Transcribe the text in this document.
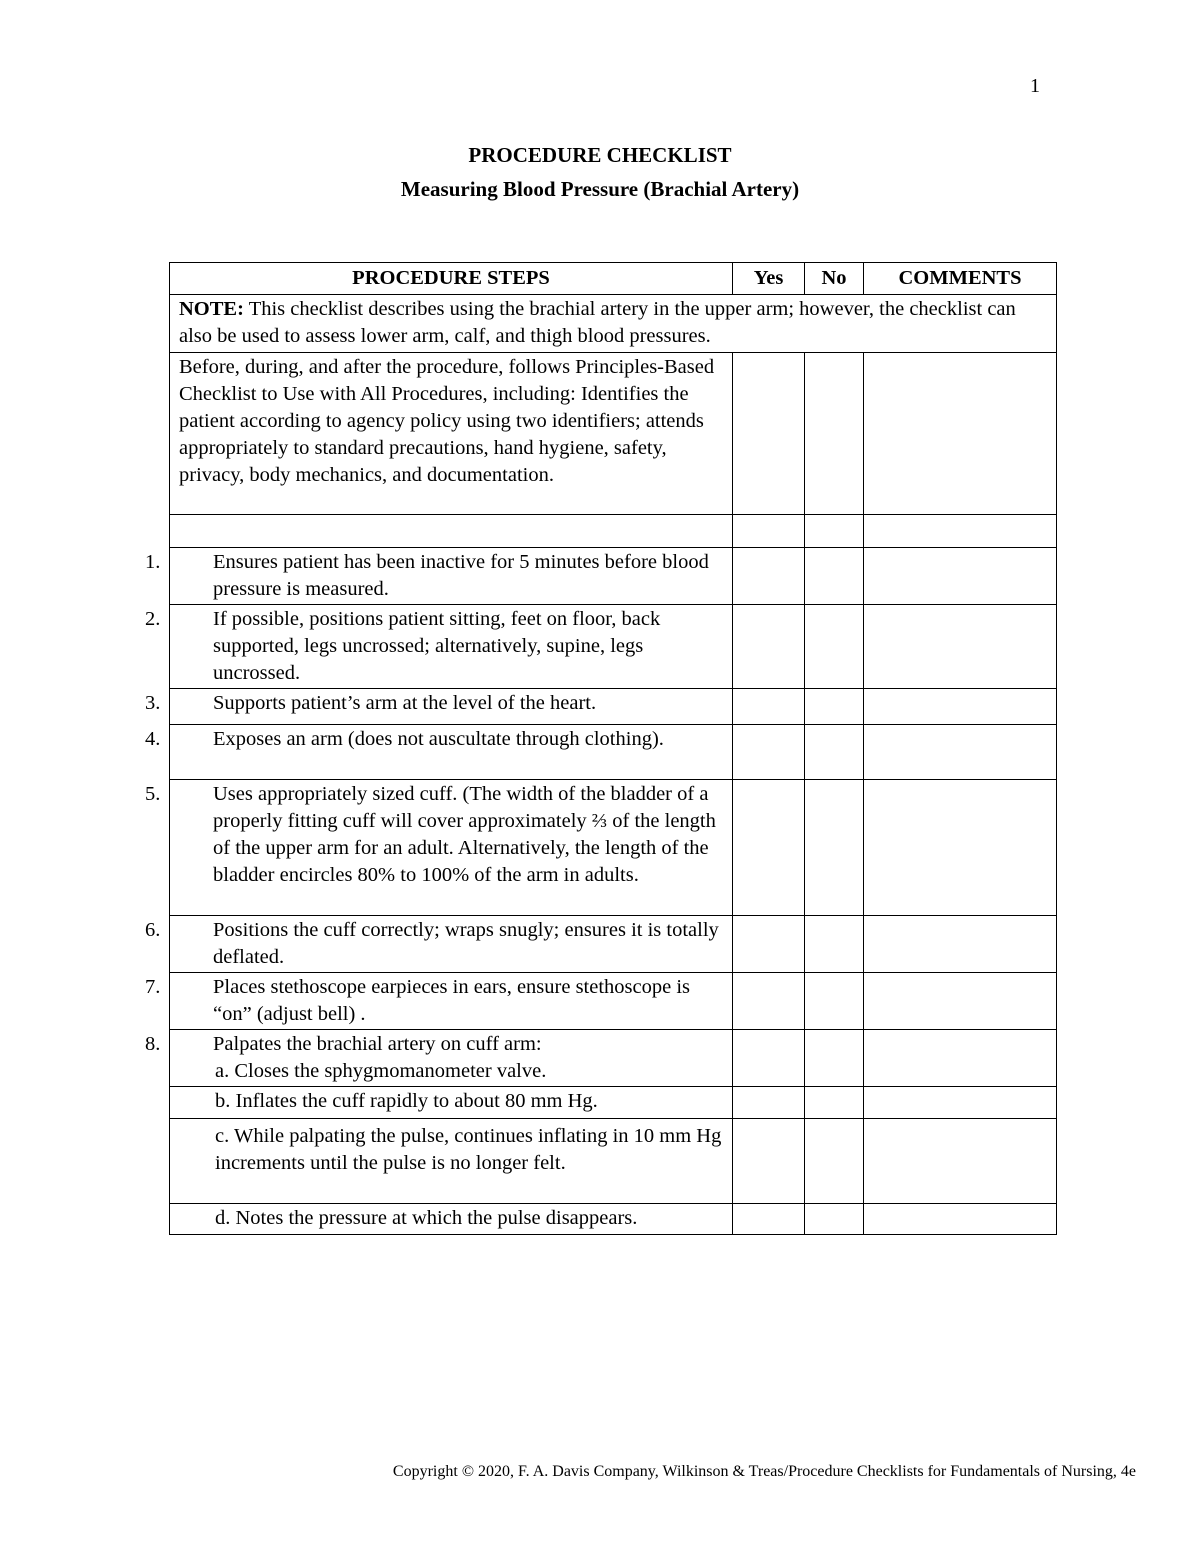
1
PROCEDURE CHECKLIST
Measuring Blood Pressure (Brachial Artery)
PROCEDURE STEPS	Yes	No	COMMENTS
NOTE: This checklist describes using the brachial artery in the upper arm; however, the checklist can also be used to assess lower arm, calf, and thigh blood pressures.			
Before, during, and after the procedure, follows Principles-Based Checklist to Use with All Procedures, including: Identifies the patient according to agency policy using two identifiers; attends appropriately to standard precautions, hand hygiene, safety, privacy, body mechanics, and documentation.			

1. Ensures patient has been inactive for 5 minutes before blood pressure is measured.			

2. If possible, positions patient sitting, feet on floor, back supported, legs uncrossed; alternatively, supine, legs uncrossed.			

3. Supports patient’s arm at the level of the heart.			

4. Exposes an arm (does not auscultate through clothing).			

5. Uses appropriately sized cuff. (The width of the bladder of a properly fitting cuff will cover approximately ⅔ of the length of the upper arm for an adult. Alternatively, the length of the bladder encircles 80% to 100% of the arm in adults.			

6. Positions the cuff correctly; wraps snugly; ensures it is totally deflated.			

7. Places stethoscope earpieces in ears, ensure stethoscope is “on” (adjust bell) .			

8. Palpates the brachial artery on cuff arm:
a. Closes the sphygmomanometer valve.			

b. Inflates the cuff rapidly to about 80 mm Hg.			

c. While palpating the pulse, continues inflating in 10 mm Hg increments until the pulse is no longer felt.			

d. Notes the pressure at which the pulse disappears.			

Copyright © 2020, F. A. Davis Company, Wilkinson & Treas/Procedure Checklists for Fundamentals of Nursing, 4e
